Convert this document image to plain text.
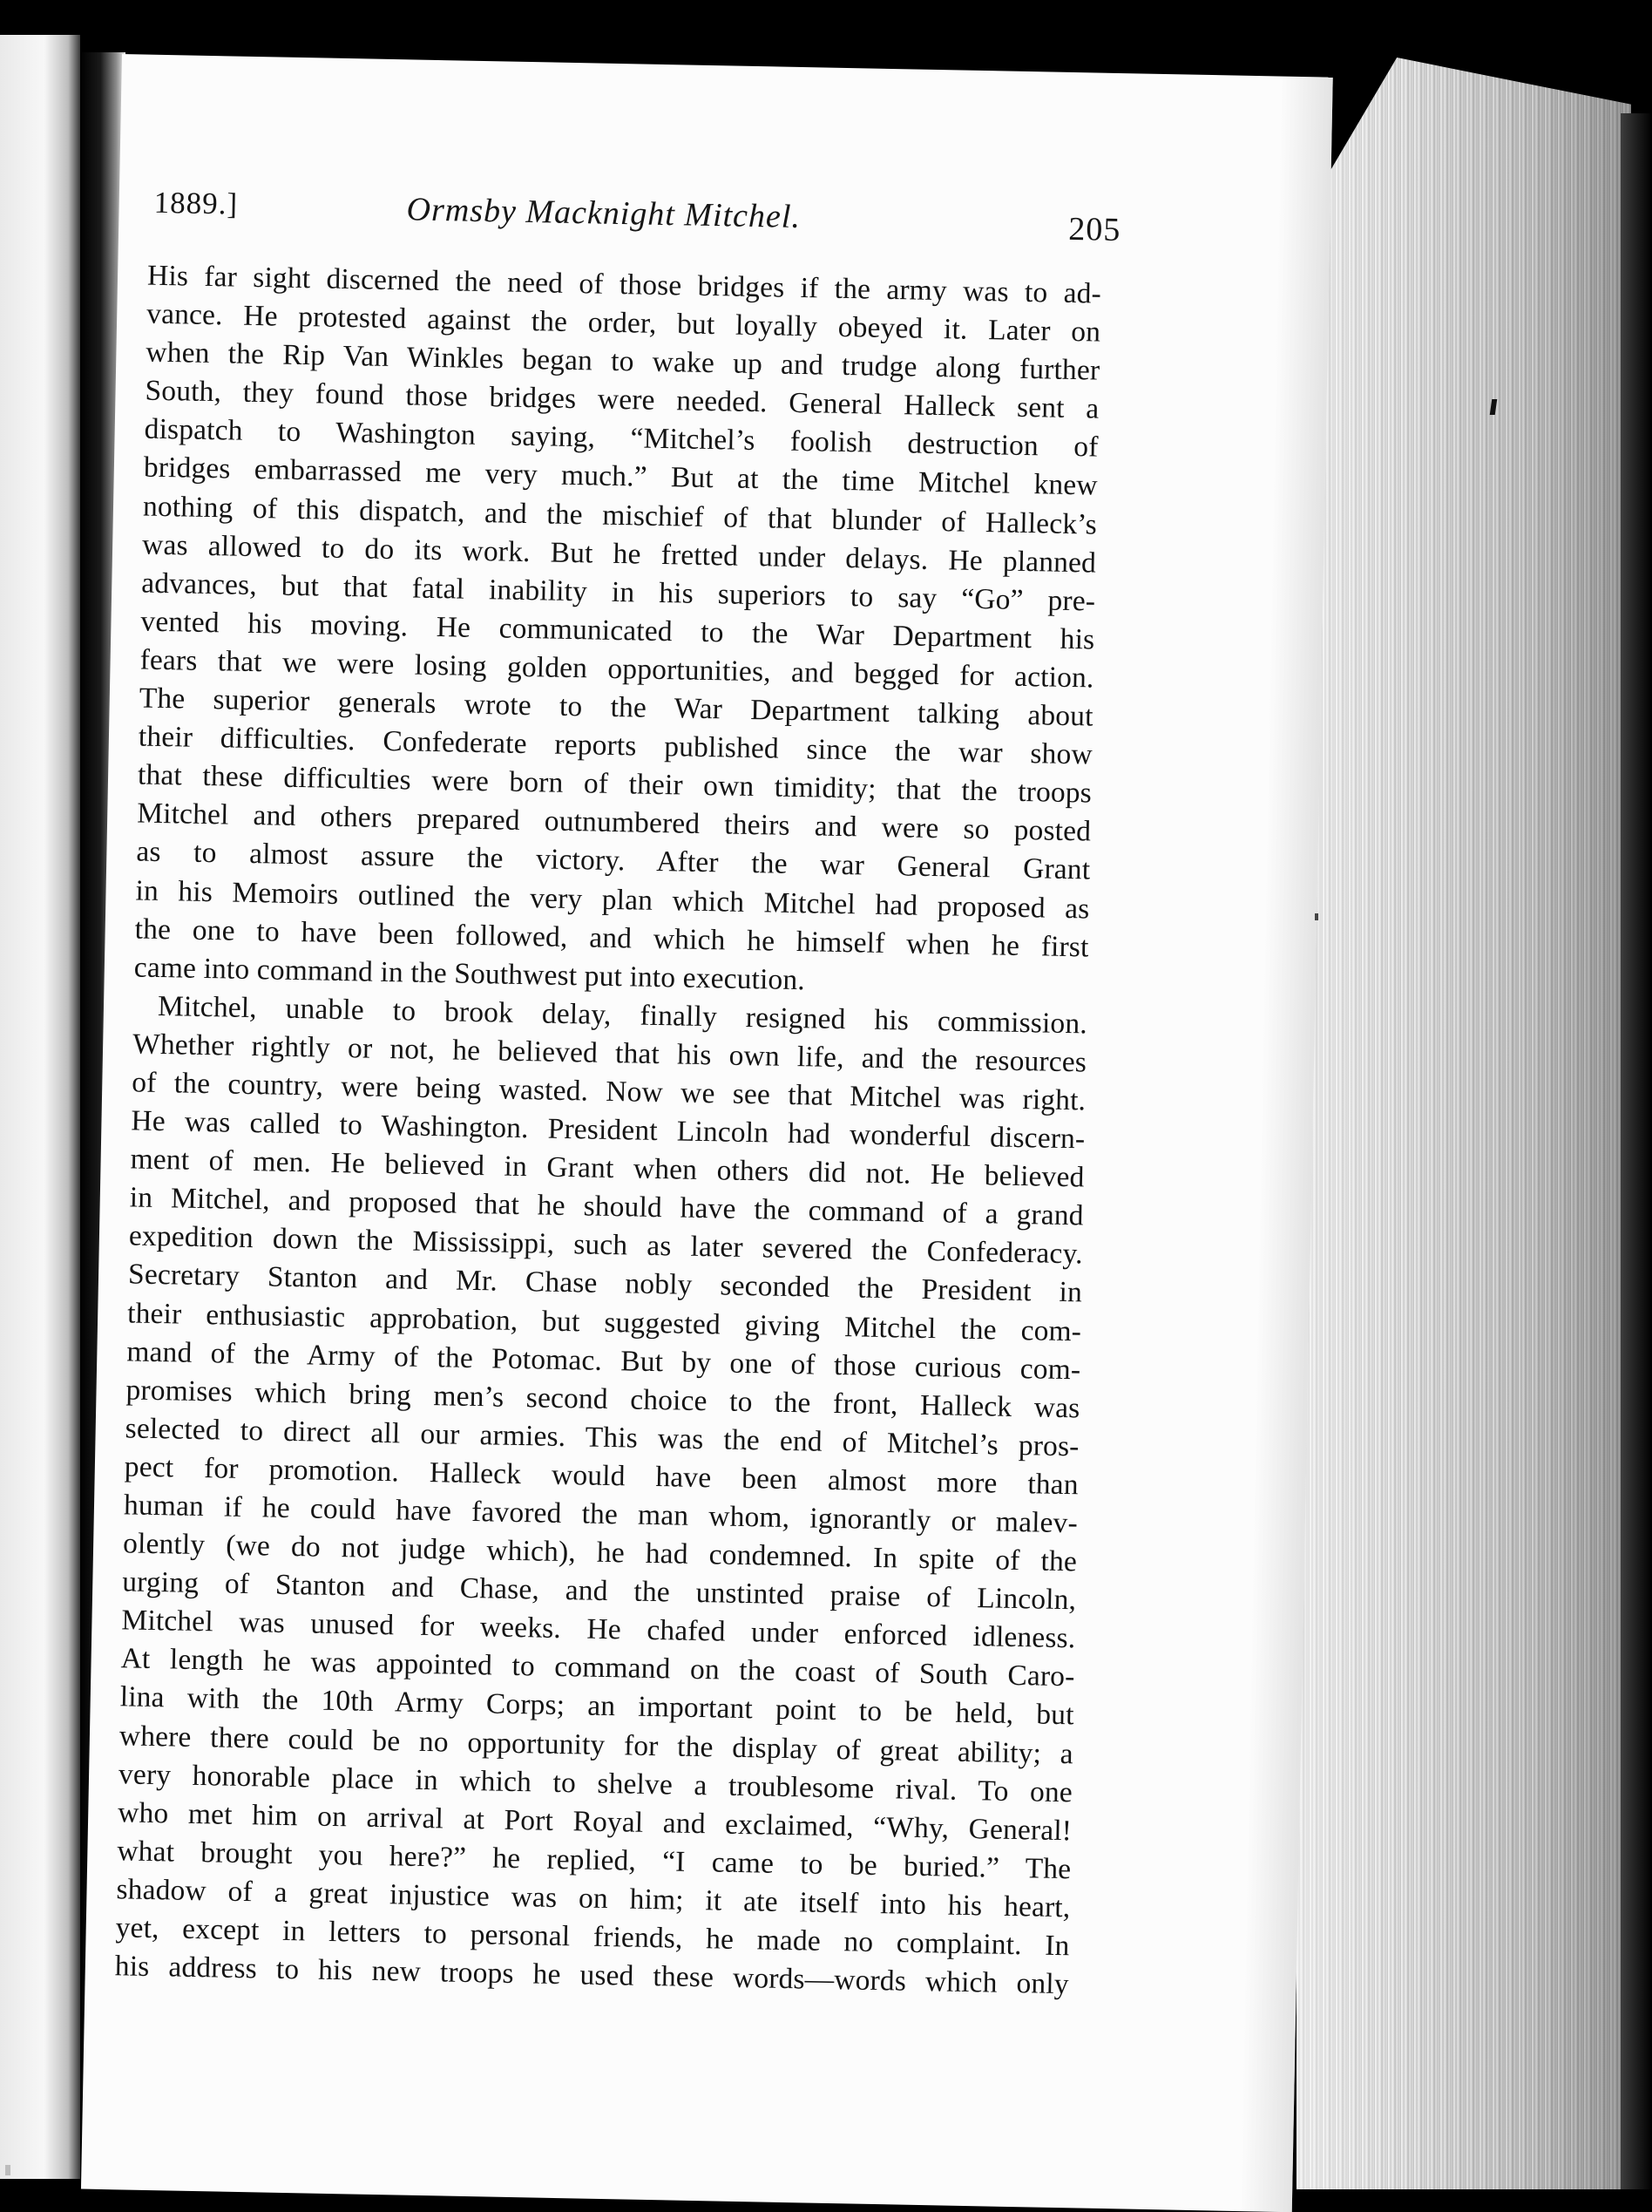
1889.]	Ormsby Macknight Mitchel.	205
His far sight discerned the need of those bridges if the army was to ad-
vance. He protested against the order, but loyally obeyed it. Later on
when the Rip Van Winkles began to wake up and trudge along further
South, they found those bridges were needed. General Halleck sent a
dispatch to Washington saying, “Mitchel’s foolish destruction of
bridges embarrassed me very much.” But at the time Mitchel knew
nothing of this dispatch, and the mischief of that blunder of Halleck’s
was allowed to do its work. But he fretted under delays. He planned
advances, but that fatal inability in his superiors to say “Go” pre-
vented his moving. He communicated to the War Department his
fears that we were losing golden opportunities, and begged for action.
The superior generals wrote to the War Department talking about
their difficulties. Confederate reports published since the war show
that these difficulties were born of their own timidity; that the troops
Mitchel and others prepared outnumbered theirs and were so posted
as to almost assure the victory. After the war General Grant
in his Memoirs outlined the very plan which Mitchel had proposed as
the one to have been followed, and which he himself when he first
came into command in the Southwest put into execution.
Mitchel, unable to brook delay, finally resigned his commission.
Whether rightly or not, he believed that his own life, and the resources
of the country, were being wasted. Now we see that Mitchel was right.
He was called to Washington. President Lincoln had wonderful discern-
ment of men. He believed in Grant when others did not. He believed
in Mitchel, and proposed that he should have the command of a grand
expedition down the Mississippi, such as later severed the Confederacy.
Secretary Stanton and Mr. Chase nobly seconded the President in
their enthusiastic approbation, but suggested giving Mitchel the com-
mand of the Army of the Potomac. But by one of those curious com-
promises which bring men’s second choice to the front, Halleck was
selected to direct all our armies. This was the end of Mitchel’s pros-
pect for promotion. Halleck would have been almost more than
human if he could have favored the man whom, ignorantly or malev-
olently (we do not judge which), he had condemned. In spite of the
urging of Stanton and Chase, and the unstinted praise of Lincoln,
Mitchel was unused for weeks. He chafed under enforced idleness.
At length he was appointed to command on the coast of South Caro-
lina with the 10th Army Corps; an important point to be held, but
where there could be no opportunity for the display of great ability; a
very honorable place in which to shelve a troublesome rival. To one
who met him on arrival at Port Royal and exclaimed, “Why, General!
what brought you here?” he replied, “I came to be buried.” The
shadow of a great injustice was on him; it ate itself into his heart,
yet, except in letters to personal friends, he made no complaint. In
his address to his new troops he used these words—words which only
